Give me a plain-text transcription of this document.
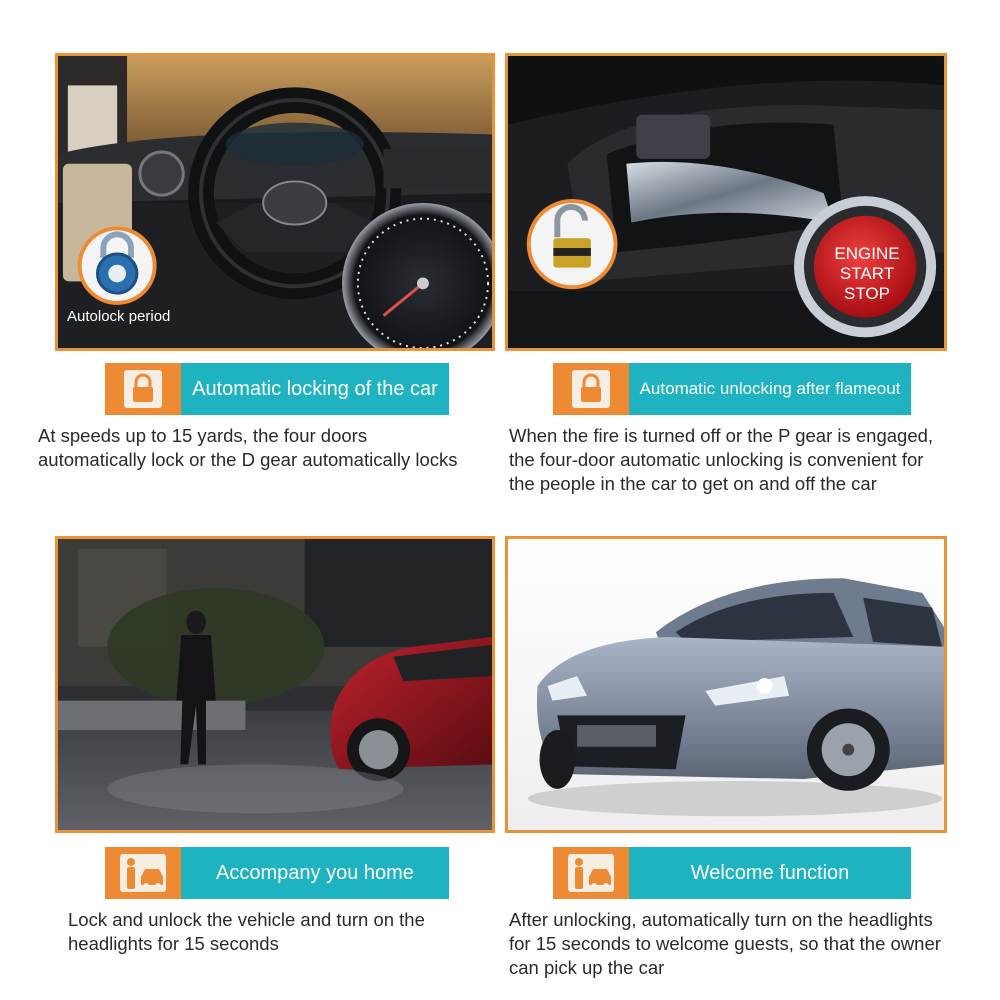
Autolock period
Automatic locking of the car
At speeds up to 15 yards, the four doors
automatically lock or the D gear automatically locks
ENGINE
START
STOP
Automatic unlocking after flameout
When the fire is turned off or the P gear is engaged,
the four-door automatic unlocking is convenient for
the people in the car to get on and off the car
Accompany you home
Lock and unlock the vehicle and turn on the
headlights for 15 seconds
Welcome function
After unlocking, automatically turn on the headlights
for 15 seconds to welcome guests, so that the owner
can pick up the car
